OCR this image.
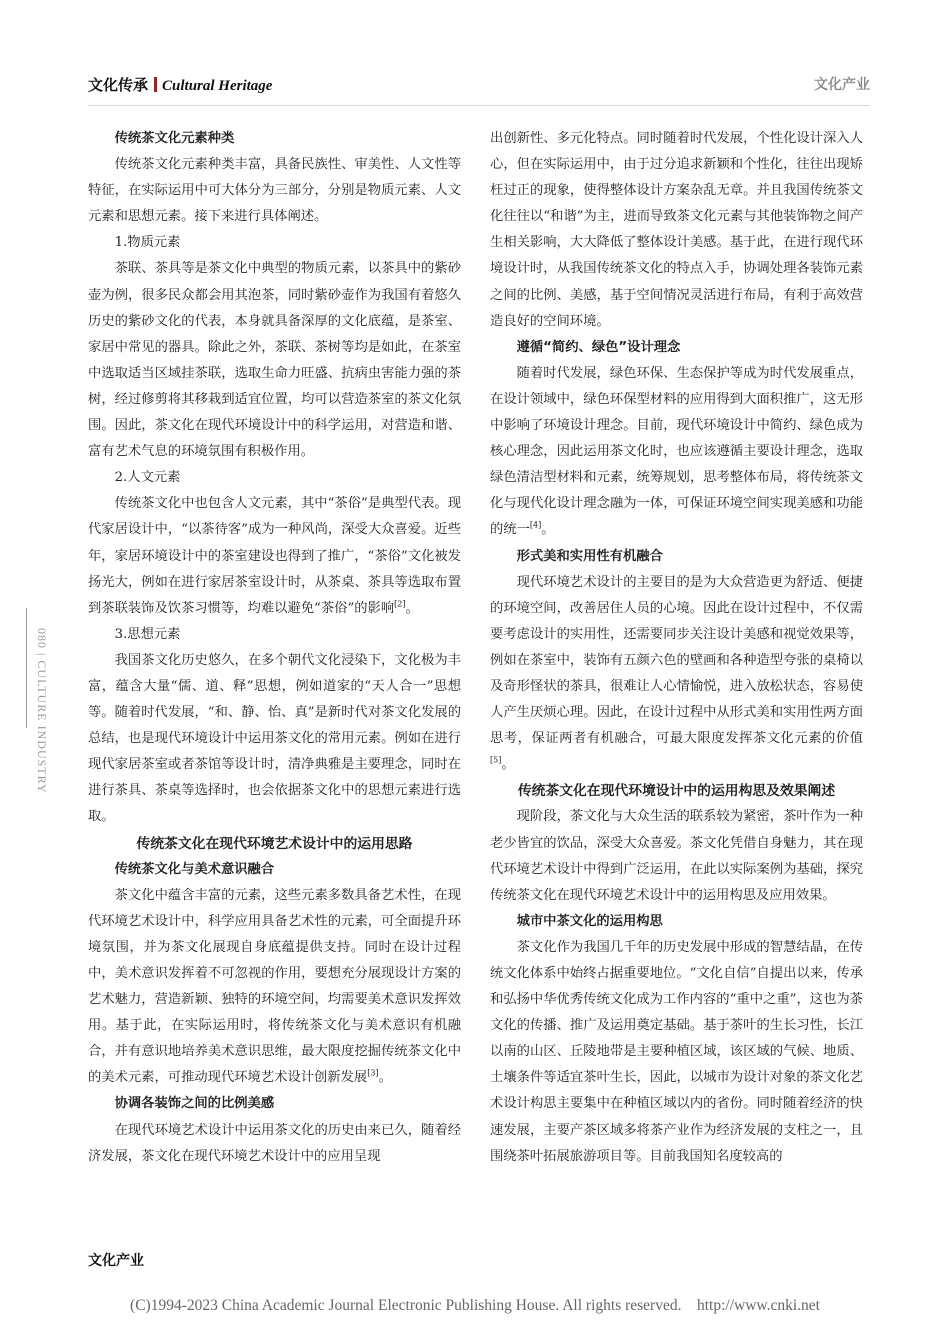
文化传承 Cultural Heritage	文化产业
080 | CULTURE INDUSTRY
传统茶文化元素种类

传统茶文化元素种类丰富，具备民族性、审美性、人文性等特征，在实际运用中可大体分为三部分，分别是物质元素、人文元素和思想元素。接下来进行具体阐述。

1.物质元素

茶联、茶具等是茶文化中典型的物质元素，以茶具中的紫砂壶为例，很多民众都会用其泡茶，同时紫砂壶作为我国有着悠久历史的紫砂文化的代表，本身就具备深厚的文化底蕴，是茶室、家居中常见的器具。除此之外，茶联、茶树等均是如此，在茶室中选取适当区域挂茶联，选取生命力旺盛、抗病虫害能力强的茶树，经过修剪将其移栽到适宜位置，均可以营造茶室的茶文化氛围。因此，茶文化在现代环境设计中的科学运用，对营造和谐、富有艺术气息的环境氛围有积极作用。

2.人文元素

传统茶文化中也包含人文元素，其中“茶俗”是典型代表。现代家居设计中，“以茶待客”成为一种风尚，深受大众喜爱。近些年，家居环境设计中的茶室建设也得到了推广，“茶俗”文化被发扬光大，例如在进行家居茶室设计时，从茶桌、茶具等选取布置到茶联装饰及饮茶习惯等，均难以避免“茶俗”的影响[2]。

3.思想元素

我国茶文化历史悠久，在多个朝代文化浸染下，文化极为丰富，蕴含大量“儒、道、释”思想，例如道家的“天人合一”思想等。随着时代发展，“和、静、怡、真”是新时代对茶文化发展的总结，也是现代环境设计中运用茶文化的常用元素。例如在进行现代家居茶室或者茶馆等设计时，清净典雅是主要理念，同时在进行茶具、茶桌等选择时，也会依据茶文化中的思想元素进行选取。

传统茶文化在现代环境艺术设计中的运用思路
传统茶文化与美术意识融合

茶文化中蕴含丰富的元素，这些元素多数具备艺术性，在现代环境艺术设计中，科学应用具备艺术性的元素，可全面提升环境氛围，并为茶文化展现自身底蕴提供支持。同时在设计过程中，美术意识发挥着不可忽视的作用，要想充分展现设计方案的艺术魅力，营造新颖、独特的环境空间，均需要美术意识发挥效用。基于此，在实际运用时，将传统茶文化与美术意识有机融合，并有意识地培养美术意识思维，最大限度挖掘传统茶文化中的美术元素，可推动现代环境艺术设计创新发展[3]。

协调各装饰之间的比例美感

在现代环境艺术设计中运用茶文化的历史由来已久，随着经济发展，茶文化在现代环境艺术设计中的应用呈现

出创新性、多元化特点。同时随着时代发展，个性化设计深入人心，但在实际运用中，由于过分追求新颖和个性化，往往出现矫枉过正的现象，使得整体设计方案杂乱无章。并且我国传统茶文化往往以“和谐”为主，进而导致茶文化元素与其他装饰物之间产生相关影响，大大降低了整体设计美感。基于此，在进行现代环境设计时，从我国传统茶文化的特点入手，协调处理各装饰元素之间的比例、美感，基于空间情况灵活进行布局，有利于高效营造良好的空间环境。

遵循“简约、绿色”设计理念

随着时代发展，绿色环保、生态保护等成为时代发展重点，在设计领域中，绿色环保型材料的应用得到大面积推广，这无形中影响了环境设计理念。目前，现代环境设计中简约、绿色成为核心理念，因此运用茶文化时，也应该遵循主要设计理念，选取绿色清洁型材料和元素，统筹规划，思考整体布局，将传统茶文化与现代化设计理念融为一体，可保证环境空间实现美感和功能的统一[4]。

形式美和实用性有机融合

现代环境艺术设计的主要目的是为大众营造更为舒适、便捷的环境空间，改善居住人员的心境。因此在设计过程中，不仅需要考虑设计的实用性，还需要同步关注设计美感和视觉效果等，例如在茶室中，装饰有五颜六色的壁画和各种造型夸张的桌椅以及奇形怪状的茶具，很难让人心情愉悦，进入放松状态，容易使人产生厌烦心理。因此，在设计过程中从形式美和实用性两方面思考，保证两者有机融合，可最大限度发挥茶文化元素的价值[5]。

传统茶文化在现代环境设计中的运用构思及效果阐述

现阶段，茶文化与大众生活的联系较为紧密，茶叶作为一种老少皆宜的饮品，深受大众喜爱。茶文化凭借自身魅力，其在现代环境艺术设计中得到广泛运用，在此以实际案例为基础，探究传统茶文化在现代环境艺术设计中的运用构思及应用效果。

城市中茶文化的运用构思

茶文化作为我国几千年的历史发展中形成的智慧结晶，在传统文化体系中始终占据重要地位。“文化自信”自提出以来，传承和弘扬中华优秀传统文化成为工作内容的“重中之重”，这也为茶文化的传播、推广及运用奠定基础。基于茶叶的生长习性，长江以南的山区、丘陵地带是主要种植区域，该区域的气候、地质、土壤条件等适宜茶叶生长，因此，以城市为设计对象的茶文化艺术设计构思主要集中在种植区域以内的省份。同时随着经济的快速发展，主要产茶区域多将茶产业作为经济发展的支柱之一，且围绕茶叶拓展旅游项目等。目前我国知名度较高的

文化产业
(C)1994-2023 China Academic Journal Electronic Publishing House. All rights reserved.    http://www.cnki.net
